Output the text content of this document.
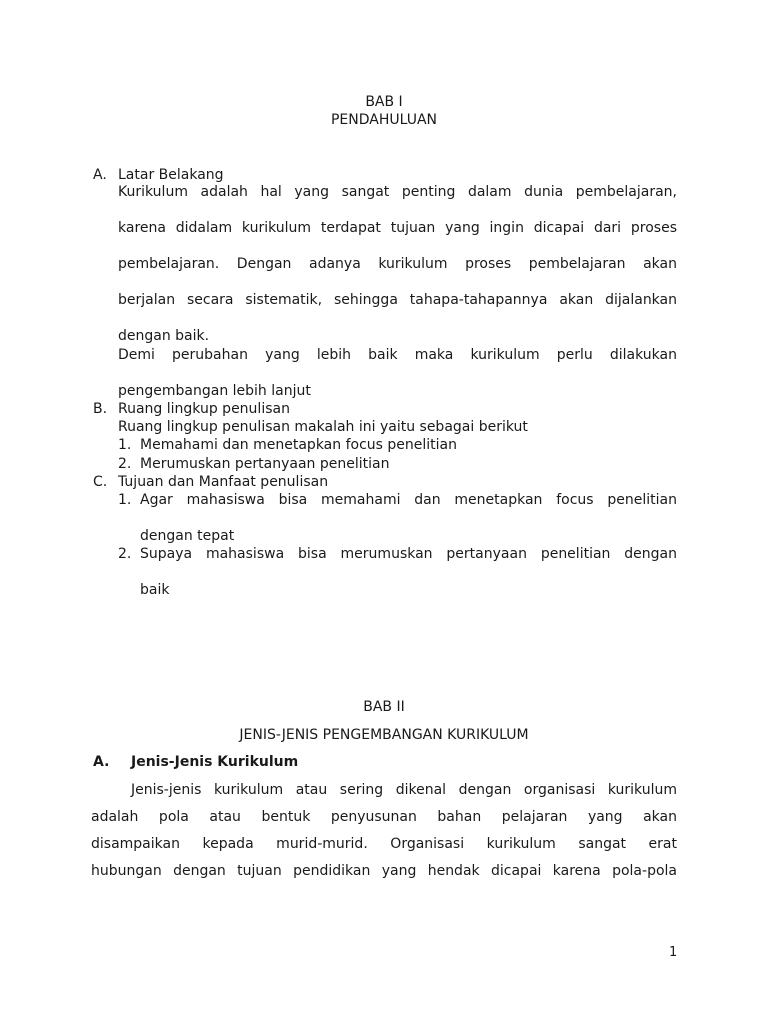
BAB I
PENDAHULUAN
A. Latar Belakang
Kurikulum adalah hal yang sangat penting dalam dunia pembelajaran,
karena didalam kurikulum terdapat tujuan yang ingin dicapai dari proses
pembelajaran. Dengan adanya kurikulum proses pembelajaran akan
berjalan secara sistematik, sehingga tahapa-tahapannya akan dijalankan
dengan baik.
Demi perubahan yang lebih baik maka kurikulum perlu dilakukan
pengembangan lebih lanjut
B. Ruang lingkup penulisan
Ruang lingkup penulisan makalah ini yaitu sebagai berikut
1. Memahami dan menetapkan focus penelitian
2. Merumuskan pertanyaan penelitian
C. Tujuan dan Manfaat penulisan
1. Agar mahasiswa bisa memahami dan menetapkan focus penelitian
dengan tepat
2. Supaya mahasiswa bisa merumuskan pertanyaan penelitian dengan
baik
BAB II
JENIS-JENIS PENGEMBANGAN KURIKULUM
A. Jenis-Jenis Kurikulum
Jenis-jenis kurikulum atau sering dikenal dengan organisasi kurikulum
adalah pola atau bentuk penyusunan bahan pelajaran yang akan
disampaikan kepada murid-murid. Organisasi kurikulum sangat erat
hubungan dengan tujuan pendidikan yang hendak dicapai karena pola-pola
1
